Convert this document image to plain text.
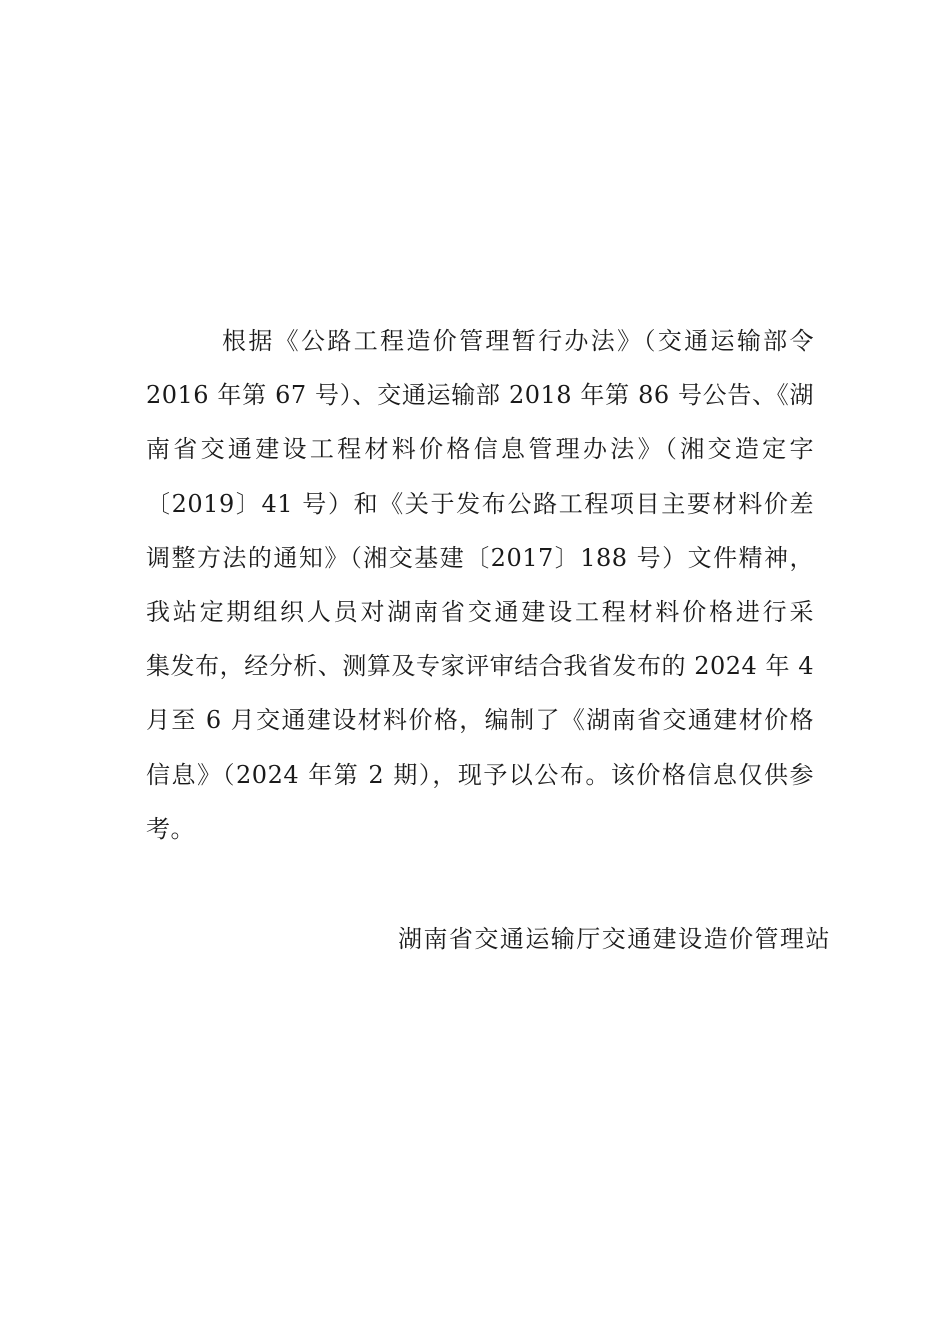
根据《公路工程造价管理暂行办法》（交通运输部令
2016 年第 67 号）、交通运输部 2018 年第 86 号公告、《湖
南省交通建设工程材料价格信息管理办法》（湘交造定字
〔2019〕41 号）和《关于发布公路工程项目主要材料价差
调整方法的通知》（湘交基建〔2017〕188 号）文件精神，
我站定期组织人员对湖南省交通建设工程材料价格进行采
集发布，经分析、测算及专家评审结合我省发布的 2024 年 4
月至 6 月交通建设材料价格，编制了《湖南省交通建材价格
信息》（2024 年第 2 期），现予以公布。该价格信息仅供参
考。

湖南省交通运输厅交通建设造价管理站
